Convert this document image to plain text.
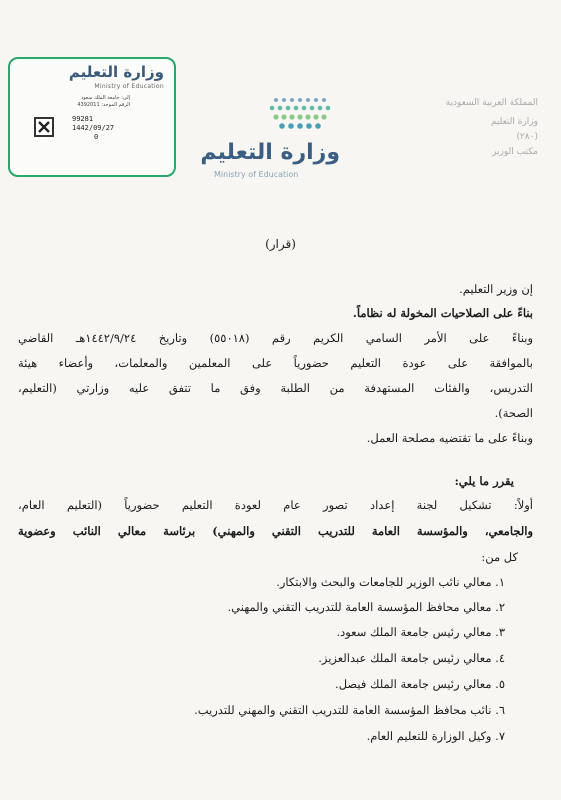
وزارة التعليم
Ministry of Education
إلى: جامعة الملك سعود
الرقم الموحد: 4392011
99281
1442/09/27
0
وزارة التعليم
Ministry of Education
المملكة العربية السعودية
وزارة التعليم
(٢٨٠)
مكتب الوزير
(قرار)
إن وزير التعليم.
بناءً على الصلاحيات المخولة له نظاماً.
وبناءً على الأمر السامي الكريم رقم (٥٥٠١٨) وتاريخ ١٤٤٢/٩/٢٤هـ القاضي
بالموافقة على عودة التعليم حضورياً على المعلمين والمعلمات، وأعضاء هيئة
التدريس، والفئات المستهدفة من الطلبة وفق ما تتفق عليه وزارتي (التعليم،
الصحة).
وبناءً على ما تقتضيه مصلحة العمل.
يقرر ما يلي:
أولاً: تشكيل لجنة إعداد تصور عام لعودة التعليم حضورياً (التعليم العام،
والجامعي، والمؤسسة العامة للتدريب التقني والمهني) برئاسة معالي النائب وعضوية
كل من:
١. معالي نائب الوزير للجامعات والبحث والابتكار.
٢. معالي محافظ المؤسسة العامة للتدريب التقني والمهني.
٣. معالي رئيس جامعة الملك سعود.
٤. معالي رئيس جامعة الملك عبدالعزيز.
٥. معالي رئيس جامعة الملك فيصل.
٦. نائب محافظ المؤسسة العامة للتدريب التقني والمهني للتدريب.
٧. وكيل الوزارة للتعليم العام.
